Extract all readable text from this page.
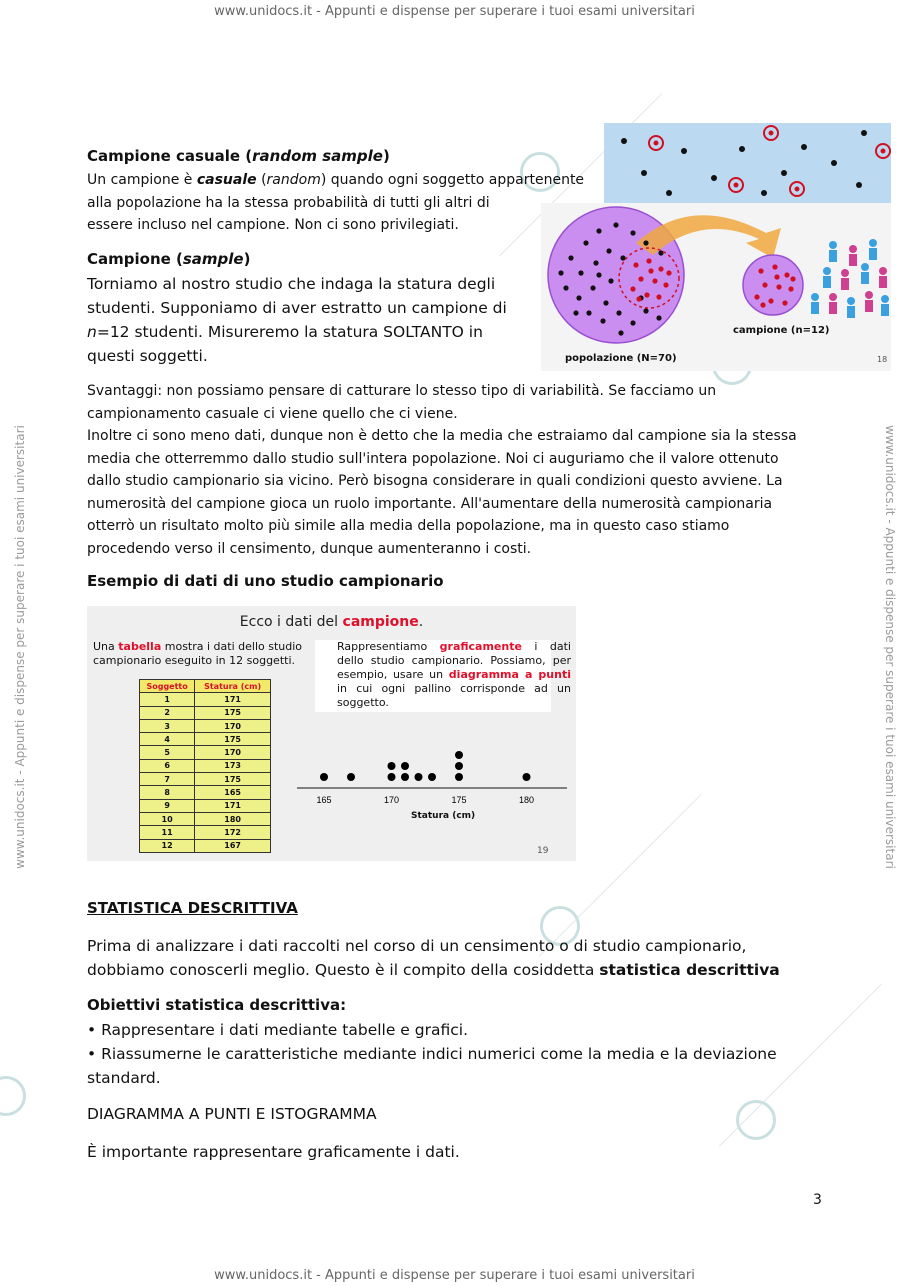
www.unidocs.it - Appunti e dispense per superare i tuoi esami universitari
www.unidocs.it - Appunti e dispense per superare i tuoi esami universitari
www.unidocs.it - Appunti e dispense per superare i tuoi esami universitari	www.unidocs.it - Appunti e dispense per superare i tuoi esami universitari
Campione casuale (random sample)
Un campione è casuale (random) quando ogni soggetto appartenente
alla popolazione ha la stessa probabilità di tutti gli altri di
essere incluso nel campione. Non ci sono privilegiati.
Campione (sample)
Torniamo al nostro studio che indaga la statura degli
studenti. Supponiamo di aver estratto un campione di
n=12 studenti. Misureremo la statura SOLTANTO in
questi soggetti.	popolazione (N=70)
campione (n=12)
18
Svantaggi: non possiamo pensare di catturare lo stesso tipo di variabilità. Se facciamo un
campionamento casuale ci viene quello che ci viene.
Inoltre ci sono meno dati, dunque non è detto che la media che estraiamo dal campione sia la stessa
media che otterremmo dallo studio sull'intera popolazione. Noi ci auguriamo che il valore ottenuto
dallo studio campionario sia vicino. Però bisogna considerare in quali condizioni questo avviene. La
numerosità del campione gioca un ruolo importante. All'aumentare della numerosità campionaria
otterrò un risultato molto più simile alla media della popolazione, ma in questo caso stiamo
procedendo verso il censimento, dunque aumenteranno i costi.
Esempio di dati di uno studio campionario
Ecco i dati del campione.
Una tabella mostra i dati dello studio campionario eseguito in 12 soggetti.
Rappresentiamo graficamente i dati dello studio campionario. Possiamo, per esempio, usare un diagramma a punti in cui ogni pallino corrisponde ad un soggetto.
Soggetto	Statura (cm)
1	171
2	175
3	170
4	175
5	170
6	173
7	175
8	165
9	171
10	180
11	172
12	167
165	170	175	180
Statura (cm)
19
STATISTICA DESCRITTIVA
Prima di analizzare i dati raccolti nel corso di un censimento o di studio campionario,
dobbiamo conoscerli meglio. Questo è il compito della cosiddetta statistica descrittiva
Obiettivi statistica descrittiva:
• Rappresentare i dati mediante tabelle e grafici.
• Riassumerne le caratteristiche mediante indici numerici come la media e la deviazione
standard.
DIAGRAMMA A PUNTI E ISTOGRAMMA
È importante rappresentare graficamente i dati.
3
